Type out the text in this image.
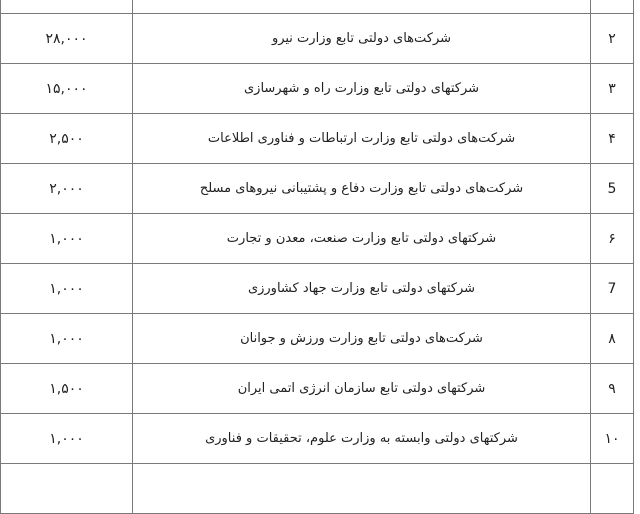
۲۸,۰۰۰	شرکت‌های دولتی تابع وزارت نیرو	۲
۱۵,۰۰۰	شرکتهای دولتی تابع وزارت راه و شهرسازی	۳
۲,۵۰۰	شرکت‌های دولتی تابع وزارت ارتباطات و فناوری اطلاعات	۴
۲,۰۰۰	شرکت‌های دولتی تابع وزارت دفاع و پشتیبانی نیروهای مسلح	5
۱,۰۰۰	شرکتهای دولتی تابع وزارت صنعت، معدن و تجارت	۶
۱,۰۰۰	شرکتهای دولتی تابع وزارت جهاد کشاورزی	7
۱,۰۰۰	شرکت‌های دولتی تابع وزارت ورزش و جوانان	۸
۱,۵۰۰	شرکتهای دولتی تابع سازمان انرژی اتمی ایران	۹
۱,۰۰۰	شرکتهای دولتی وابسته به وزارت علوم، تحقیقات و فناوری	۱۰
